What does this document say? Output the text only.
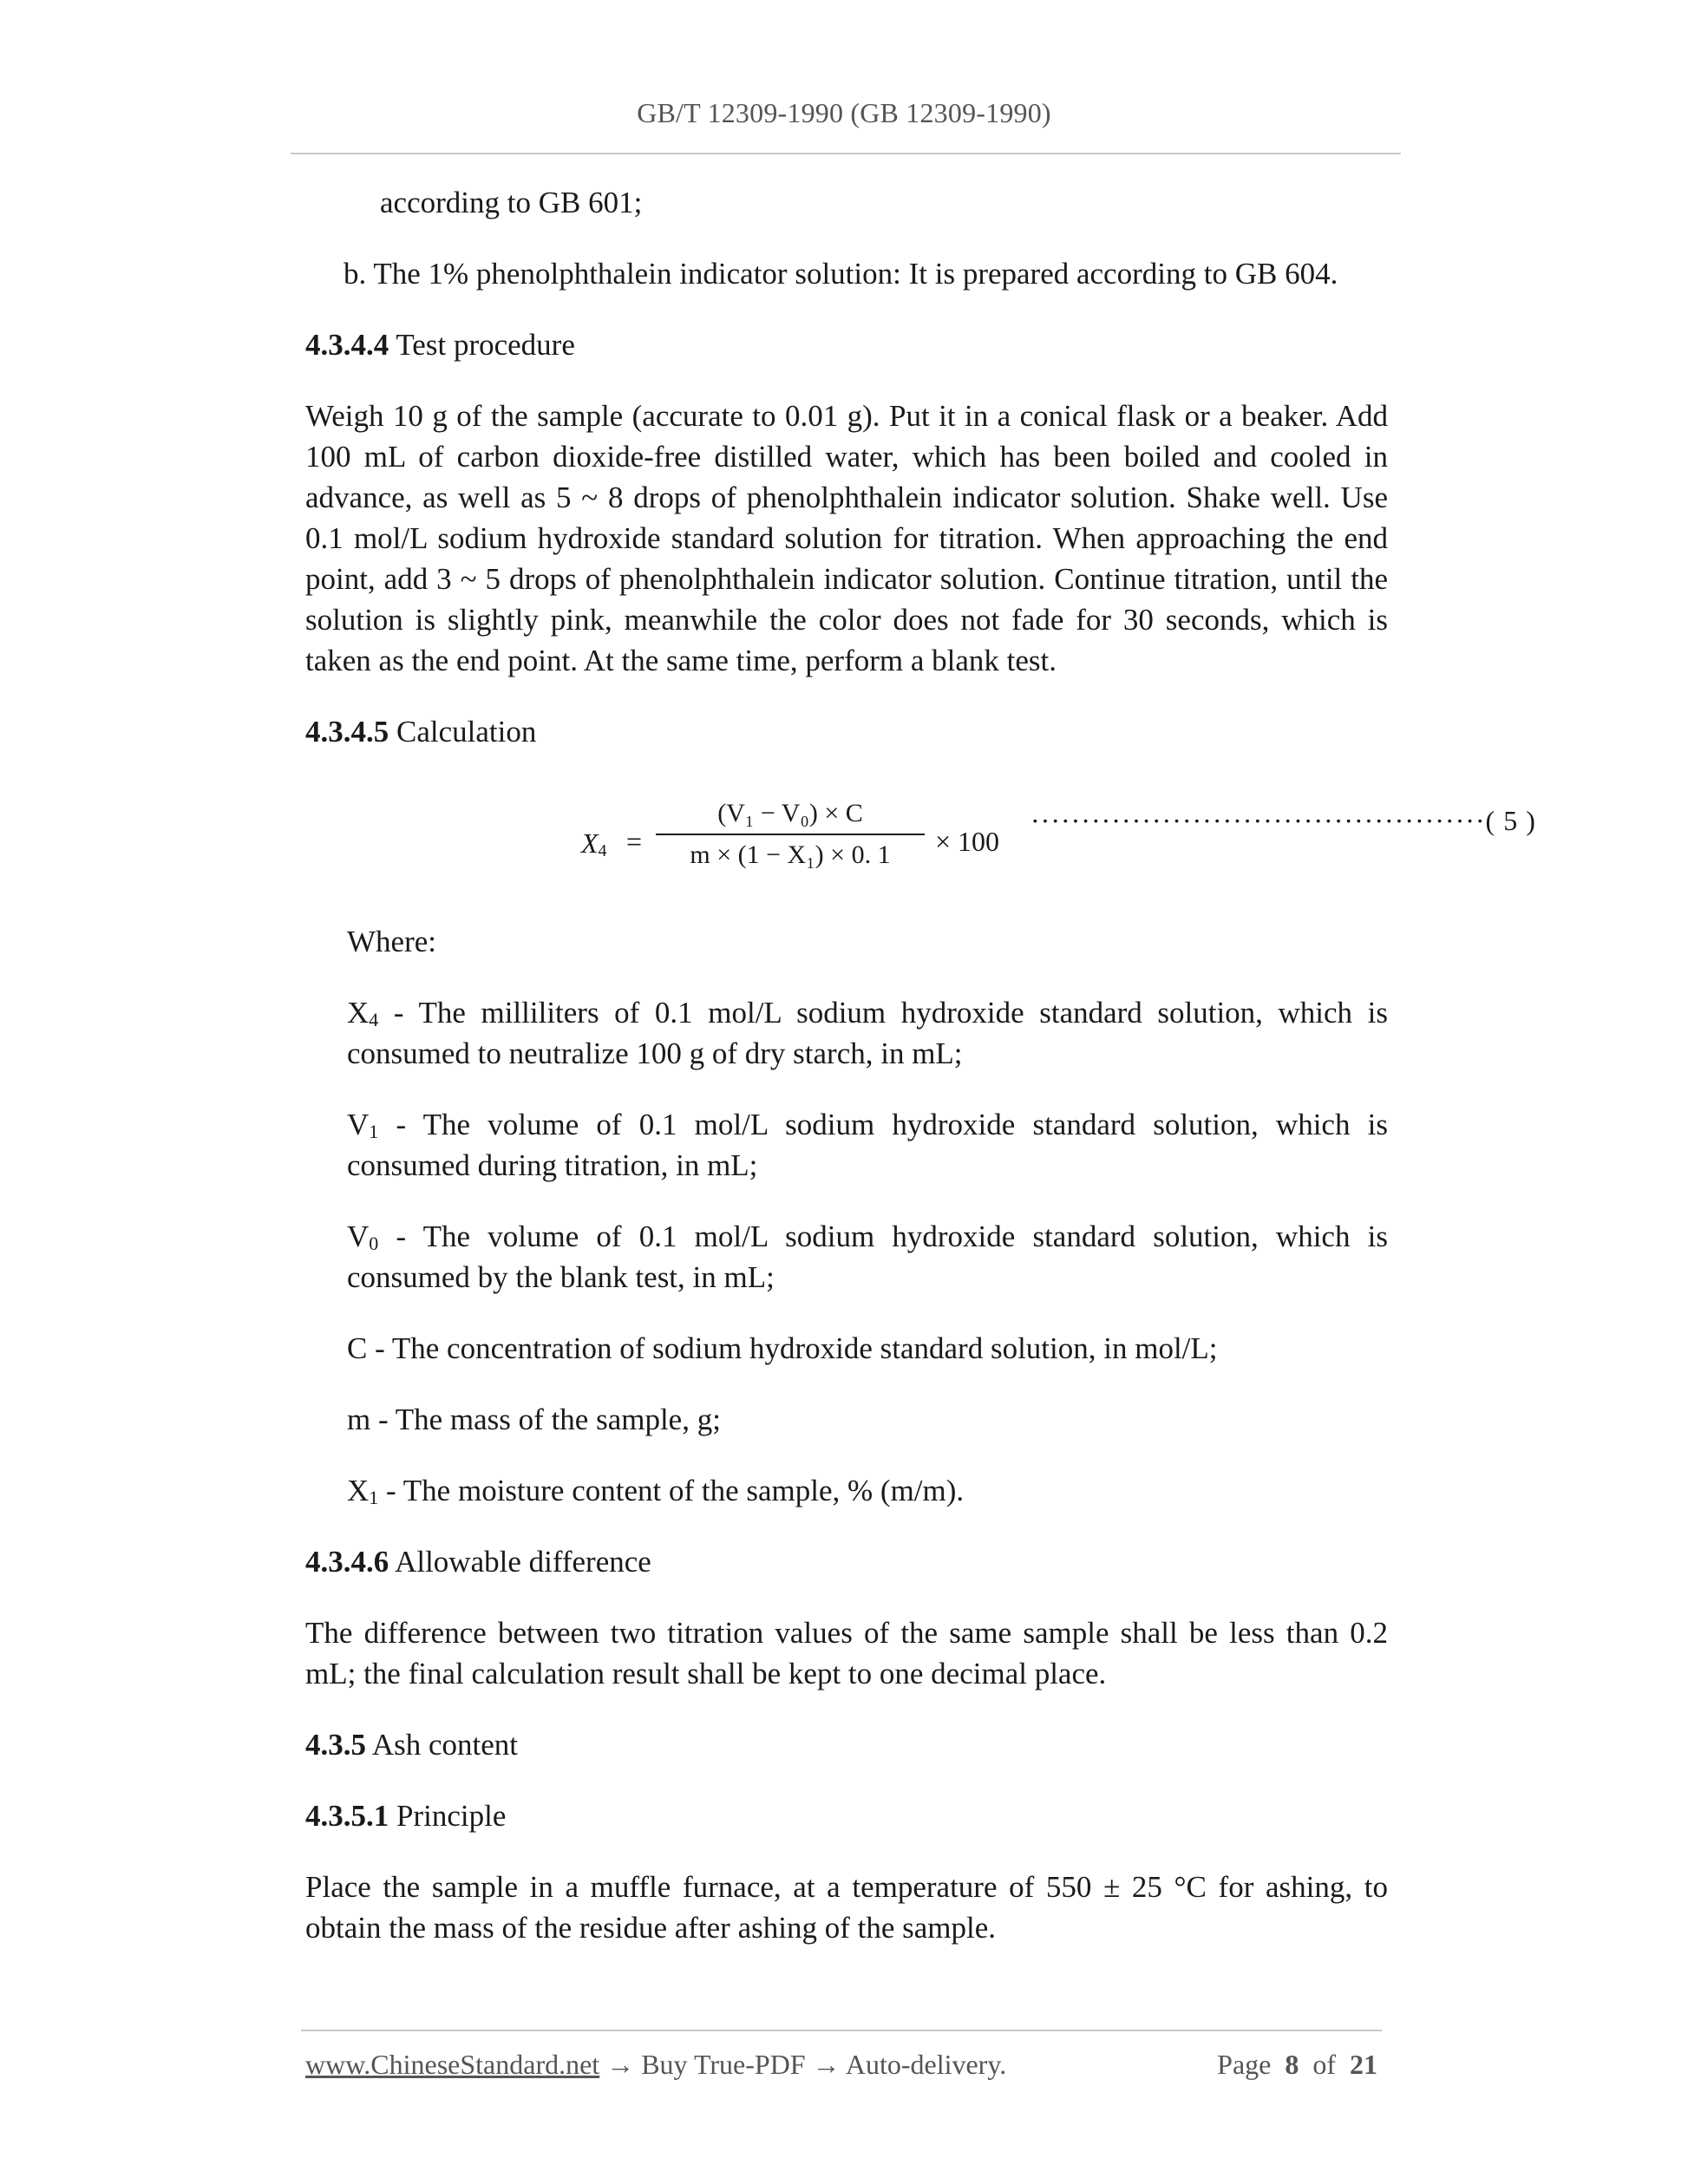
GB/T 12309-1990 (GB 12309-1990)

according to GB 601;

b. The 1% phenolphthalein indicator solution: It is prepared according to GB 604.

4.3.4.4 Test procedure

Weigh 10 g of the sample (accurate to 0.01 g). Put it in a conical flask or a beaker. Add 100 mL of carbon dioxide-free distilled water, which has been boiled and cooled in advance, as well as 5 ~ 8 drops of phenolphthalein indicator solution. Shake well. Use 0.1 mol/L sodium hydroxide standard solution for titration. When approaching the end point, add 3 ~ 5 drops of phenolphthalein indicator solution. Continue titration, until the solution is slightly pink, meanwhile the color does not fade for 30 seconds, which is taken as the end point. At the same time, perform a blank test.

4.3.4.5 Calculation

$X_4$ =
(V₁ − V₀) × C
m × (1 − X₁) × 0. 1	× 100
·············································( 5 )

Where:

$X_4$ - The milliliters of 0.1 mol/L sodium hydroxide standard solution, which is consumed to neutralize 100 g of dry starch, in mL;

$V_1$ - The volume of 0.1 mol/L sodium hydroxide standard solution, which is consumed during titration, in mL;

$V_0$ - The volume of 0.1 mol/L sodium hydroxide standard solution, which is consumed by the blank test, in mL;

C - The concentration of sodium hydroxide standard solution, in mol/L;

m - The mass of the sample, g;

$X_1$ - The moisture content of the sample, % (m/m).

4.3.4.6 Allowable difference

The difference between two titration values of the same sample shall be less than 0.2 mL; the final calculation result shall be kept to one decimal place.

4.3.5 Ash content

4.3.5.1 Principle

Place the sample in a muffle furnace, at a temperature of 550 ± 25 °C for ashing, to obtain the mass of the residue after ashing of the sample.

www.ChineseStandard.net → Buy True-PDF → Auto-delivery.	Page 8 of 21
